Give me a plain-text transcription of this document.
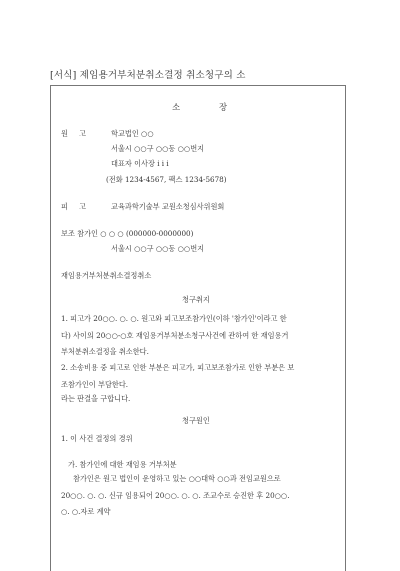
[서식] 제임용거부처분취소결정 취소청구의 소
소	장
원 고	학교법인 ○○
서울시 ○○구 ○○동 ○○번지
대표자 이사장 ⅰ ⅰ ⅰ
(전화 1234-4567, 팩스 1234-5678)
피 고	교육과학기술부 교원소청심사위원회
보조 참가인 ○ ○ ○ (000000-0000000)
서울시 ○○구 ○○동 ○○번지
재임용거부처분취소결정취소
청구취지
1. 피고가 20○○. ○. ○. 원고와 피고보조참가인(이하 '참가인'이라고 한다) 사이의 20○○-○호 재임용거부처분소청구사건에 관하여 한 재임용거부처분취소결정을 취소한다.
2. 소송비용 중 피고로 인한 부분은 피고가, 피고보조참가로 인한 부분은 보조참가인이 부담한다.
라는 판결을 구합니다.
청구원인
1. 이 사건 결정의 경위
가. 참가인에 대한 재임용 거부처분
참가인은 원고 법인이 운영하고 있는 ○○대학 ○○과 전임교원으로 20○○. ○. ○. 신규 임용되어 20○○. ○. ○. 조교수로 승진한 후 20○○. ○. ○.자로 계약
